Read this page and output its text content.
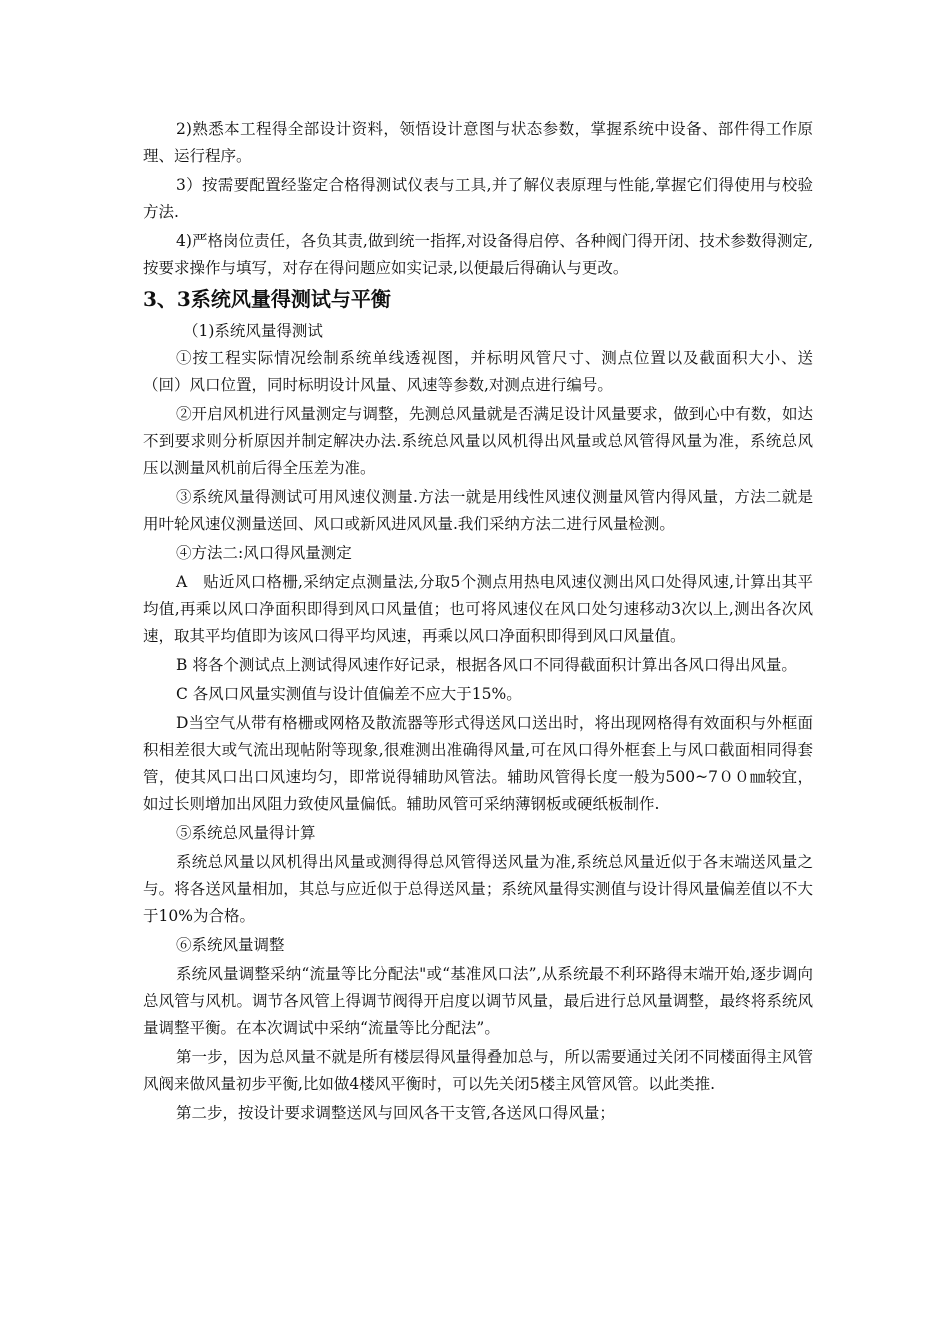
2)熟悉本工程得全部设计资料，领悟设计意图与状态参数，掌握系统中设备、部件得工作原理、运行程序。

3）按需要配置经鉴定合格得测试仪表与工具,并了解仪表原理与性能,掌握它们得使用与校验方法.

4)严格岗位责任，各负其责,做到统一指挥,对设备得启停、各种阀门得开闭、技术参数得测定,按要求操作与填写，对存在得问题应如实记录,以便最后得确认与更改。

3、3系统风量得测试与平衡

（1)系统风量得测试

①按工程实际情况绘制系统单线透视图，并标明风管尺寸、测点位置以及截面积大小、送（回）风口位置，同时标明设计风量、风速等参数,对测点进行编号。

②开启风机进行风量测定与调整，先测总风量就是否满足设计风量要求，做到心中有数，如达不到要求则分析原因并制定解决办法.系统总风量以风机得出风量或总风管得风量为准，系统总风压以测量风机前后得全压差为准。

③系统风量得测试可用风速仪测量.方法一就是用线性风速仪测量风管内得风量，方法二就是用叶轮风速仪测量送回、风口或新风进风风量.我们采纳方法二进行风量检测。

④方法二:风口得风量测定

A　贴近风口格栅,采纳定点测量法,分取5个测点用热电风速仪测出风口处得风速,计算出其平均值,再乘以风口净面积即得到风口风量值；也可将风速仪在风口处匀速移动3次以上,测出各次风速，取其平均值即为该风口得平均风速，再乘以风口净面积即得到风口风量值。

B 将各个测试点上测试得风速作好记录，根据各风口不同得截面积计算出各风口得出风量。

C 各风口风量实测值与设计值偏差不应大于15%。

D当空气从带有格栅或网格及散流器等形式得送风口送出时，将出现网格得有效面积与外框面积相差很大或气流出现帖附等现象,很难测出准确得风量,可在风口得外框套上与风口截面相同得套管，使其风口出口风速均匀，即常说得辅助风管法。辅助风管得长度一般为500~7００㎜较宜，如过长则增加出风阻力致使风量偏低。辅助风管可采纳薄钢板或硬纸板制作.

⑤系统总风量得计算

系统总风量以风机得出风量或测得得总风管得送风量为准,系统总风量近似于各末端送风量之与。将各送风量相加，其总与应近似于总得送风量；系统风量得实测值与设计得风量偏差值以不大于10%为合格。

⑥系统风量调整

系统风量调整采纳“流量等比分配法"或“基准风口法”,从系统最不利环路得末端开始,逐步调向总风管与风机。调节各风管上得调节阀得开启度以调节风量，最后进行总风量调整，最终将系统风量调整平衡。在本次调试中采纳“流量等比分配法”。

第一步，因为总风量不就是所有楼层得风量得叠加总与，所以需要通过关闭不同楼面得主风管风阀来做风量初步平衡,比如做4楼风平衡时，可以先关闭5楼主风管风管。以此类推.

第二步，按设计要求调整送风与回风各干支管,各送风口得风量；
